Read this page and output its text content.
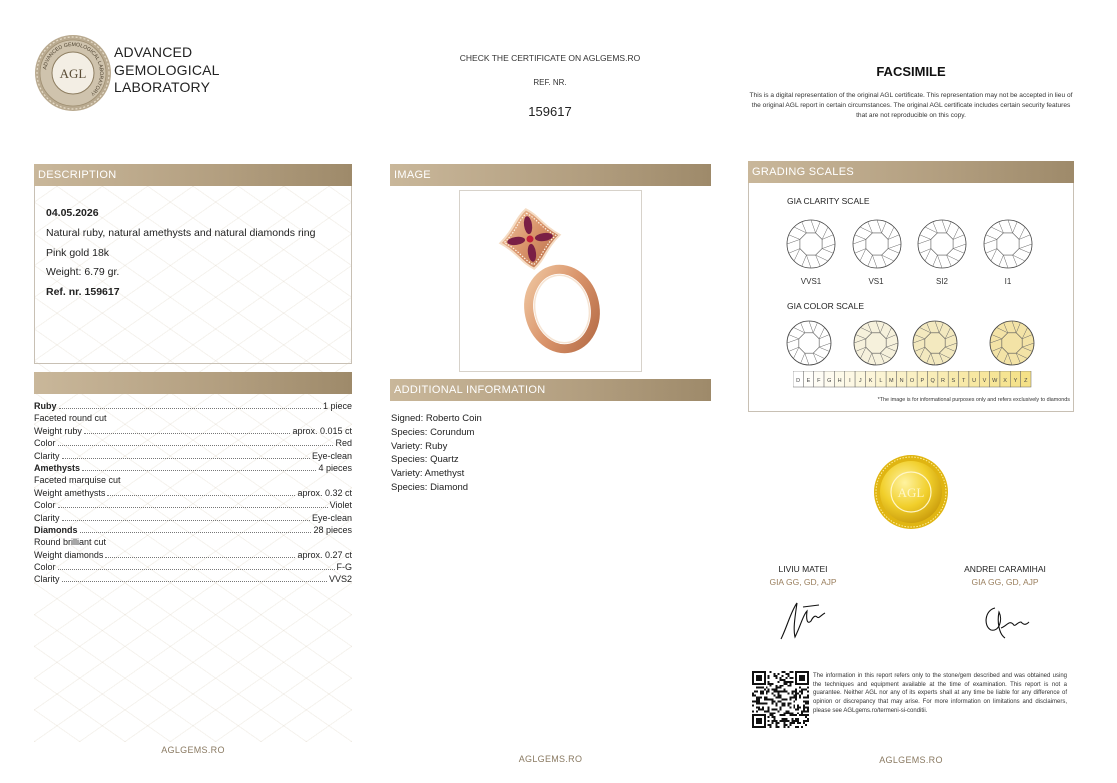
ADVANCED GEMOLOGICAL LABORATORY
AGL
ADVANCED
GEMOLOGICAL
LABORATORY
CHECK THE CERTIFICATE ON AGLGEMS.RO
REF. NR.
159617
FACSIMILE
This is a digital representation of the original AGL certificate. This representation may not be accepted in lieu of the original AGL report in certain circumstances. The original AGL certificate includes certain security features that are not reproducible on this copy.
DESCRIPTION
04.05.2026
Natural ruby, natural amethysts and natural diamonds ring
Pink gold 18k
Weight: 6.79 gr.
Ref. nr. 159617
Ruby	1 piece
Faceted round cut
Weight ruby	aprox. 0.015 ct
Color	Red
Clarity	Eye-clean
Amethysts	4 pieces
Faceted marquise cut
Weight amethysts	aprox. 0.32 ct
Color	Violet
Clarity	Eye-clean
Diamonds	28 pieces
Round brilliant cut
Weight diamonds	aprox. 0.27 ct
Color	F-G
Clarity	VVS2
AGLGEMS.RO
IMAGE
ADDITIONAL INFORMATION
Signed: Roberto Coin
Species: Corundum
Variety: Ruby
Species: Quartz
Variety: Amethyst
Species: Diamond
AGLGEMS.RO
GRADING SCALES
GIA CLARITY SCALE
VVS1	VS1	SI2	I1
GIA COLOR SCALE
D E F G H I J K L M N O P Q R S T U V W X Y Z
*The image is for informational purposes only and refers exclusively to diamonds
AGL
LIVIU MATEI
GIA GG, GD, AJP
ANDREI CARAMIHAI
GIA GG, GD, AJP
The information in this report refers only to the stone/gem described and was obtained using the techniques and equipment available at the time of examination. This report is not a guarantee. Neither AGL nor any of its experts shall at any time be liable for any difference of opinion or discrepancy that may arise. For more information on limitations and disclaimers, please see AGLgems.ro/termeni-si-conditii.
AGLGEMS.RO
